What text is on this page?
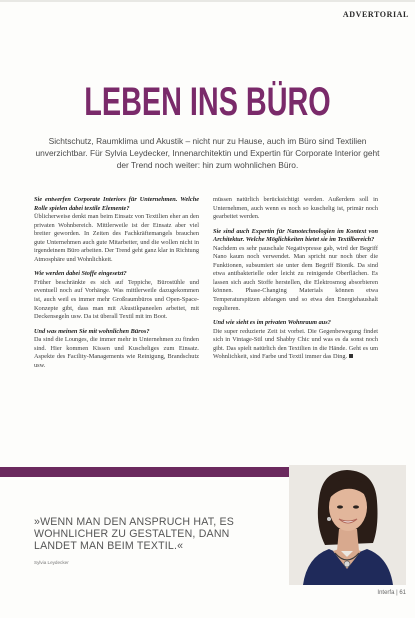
ADVERTORIAL
LEBEN INS BÜRO

Sichtschutz, Raumklima und Akustik – nicht nur zu Hause, auch im Büro sind Textilien unverzichtbar. Für Sylvia Leydecker, Innenarchitektin und Expertin für Corporate Interior geht der Trend noch weiter: hin zum wohnlichen Büro.

Sie entwerfen Corporate Interiors für Unternehmen. Welche Rolle spielen dabei textile Elemente?

Üblicherweise denkt man beim Einsatz von Textilien eher an den privaten Wohnbereich. Mittlerweile ist der Einsatz aber viel breiter geworden. In Zeiten des Fachkräftemangels brauchen gute Unternehmen auch gute Mitarbeiter, und die wollen nicht in irgendeinem Büro arbeiten. Der Trend geht ganz klar in Richtung Atmosphäre und Wohnlichkeit.

Wie werden dabei Stoffe eingesetzt?

Früher beschränkte es sich auf Teppiche, Bürostühle und eventuell noch auf Vorhänge. Was mittlerweile dazugekommen ist, auch weil es immer mehr Großraumbüros und Open-Space-Konzepte gibt, dass man mit Akustikpaneelen arbeitet, mit Deckensegeln usw. Da ist überall Textil mit im Boot.

Und was meinen Sie mit wohnlichen Büros?

Da sind die Lounges, die immer mehr in Unternehmen zu finden sind. Hier kommen Kissen und Kuscheliges zum Einsatz. Aspekte des Facility-Managements wie Reinigung, Brandschutz usw.

müssen natürlich berücksichtigt werden. Außerdem soll in Unternehmen, auch wenn es noch so kuschelig ist, primär noch gearbeitet werden.

Sie sind auch Expertin für Nanotechnologien im Kontext von Architektur. Welche Möglichkeiten bietet sie im Textilbereich?

Nachdem es sehr pauschale Negativpresse gab, wird der Begriff Nano kaum noch verwendet. Man spricht nur noch über die Funktionen, subsumiert sie unter dem Begriff Bionik. Da sind etwa antibakterielle oder leicht zu reinigende Oberflächen. Es lassen sich auch Stoffe herstellen, die Elektrosmog absorbieren können. Phase-Changing Materials können etwa Temperaturspitzen abfangen und so etwa den Energiehaushalt regulieren.

Und wie sieht es im privaten Wohnraum aus?

Die super reduzierte Zeit ist vorbei. Die Gegenbewegung findet sich in Vintage-Stil und Shabby Chic und was es da sonst noch gibt. Das spielt natürlich den Textilien in die Hände. Geht es um Wohnlichkeit, sind Farbe und Textil immer das Ding.

»WENN MAN DEN ANSPRUCH HAT, ES WOHNLICHER ZU GESTALTEN, DANN LANDET MAN BEIM TEXTIL.«
Sylvia Leydecker
Interfa | 61
